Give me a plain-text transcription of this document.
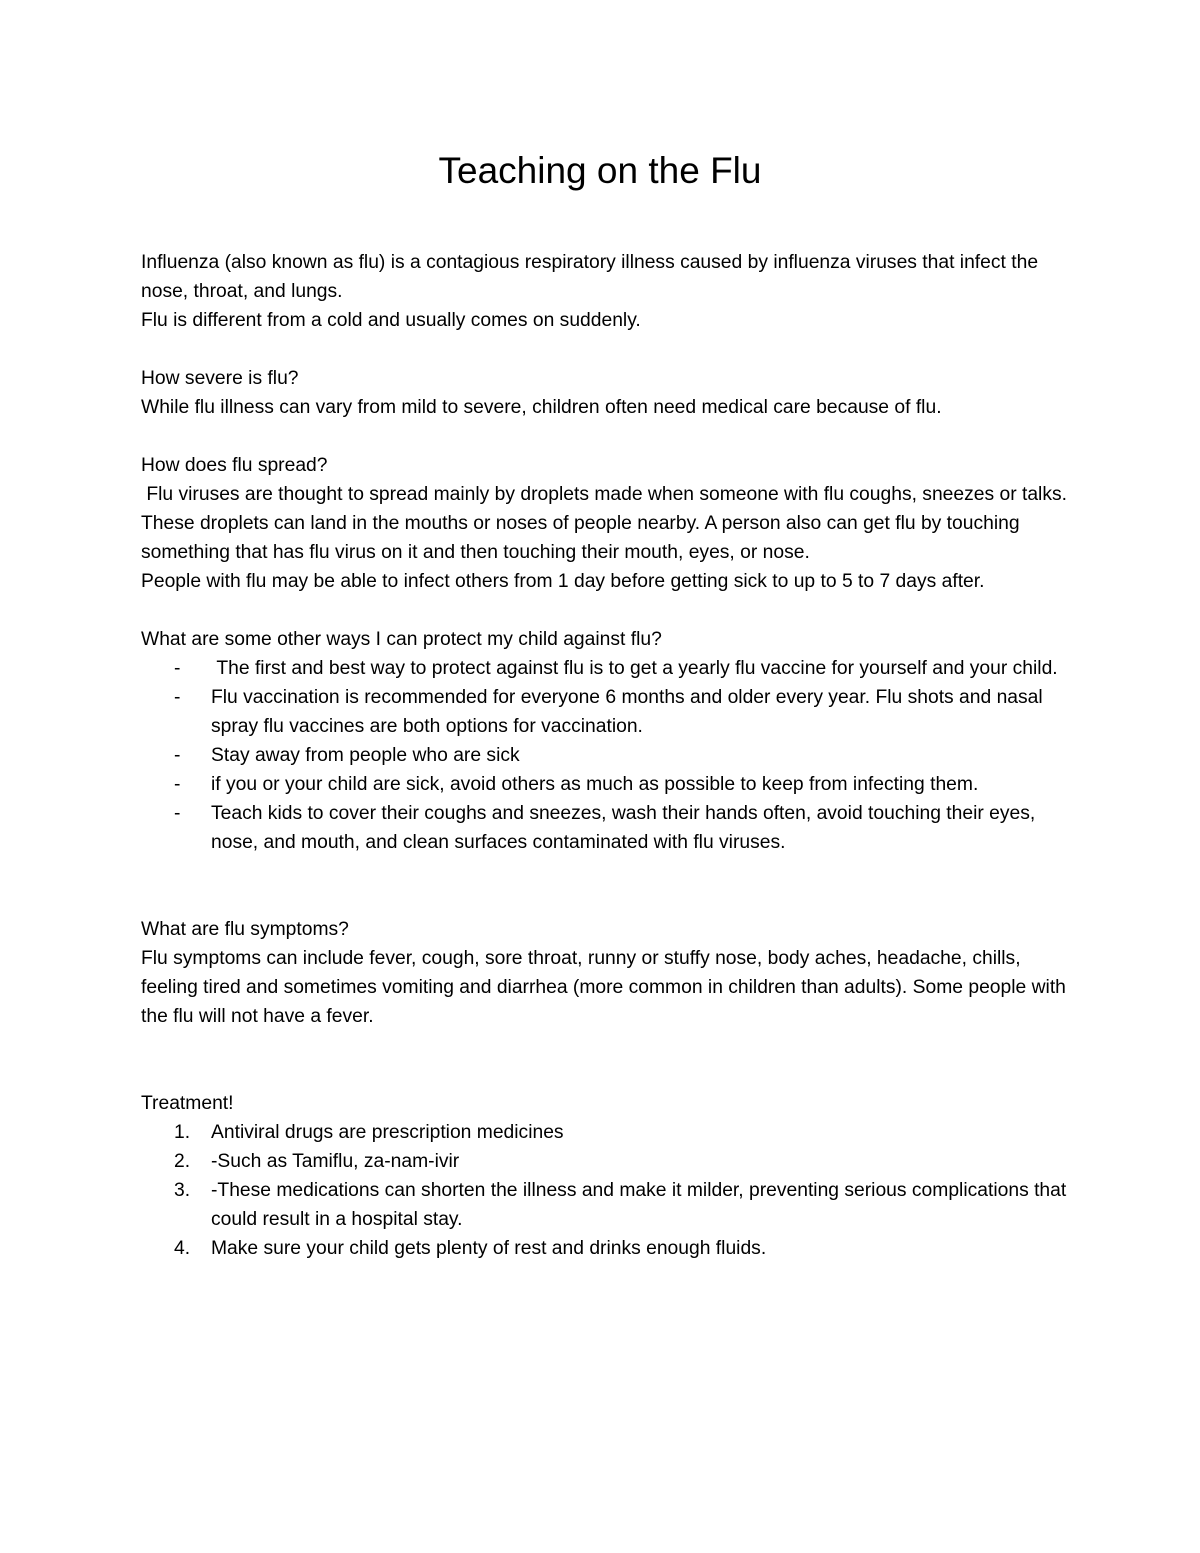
Teaching on the Flu

Influenza (also known as flu) is a contagious respiratory illness caused by influenza viruses that infect the nose, throat, and lungs.

Flu is different from a cold and usually comes on suddenly.

How severe is flu?

While flu illness can vary from mild to severe, children often need medical care because of flu.

How does flu spread?

Flu viruses are thought to spread mainly by droplets made when someone with flu coughs, sneezes or talks.

These droplets can land in the mouths or noses of people nearby. A person also can get flu by touching something that has flu virus on it and then touching their mouth, eyes, or nose.

People with flu may be able to infect others from 1 day before getting sick to up to 5 to 7 days after.

What are some other ways I can protect my child against flu?

- The first and best way to protect against flu is to get a yearly flu vaccine for yourself and your child.
- Flu vaccination is recommended for everyone 6 months and older every year. Flu shots and nasal spray flu vaccines are both options for vaccination.
- Stay away from people who are sick
- if you or your child are sick, avoid others as much as possible to keep from infecting them.
- Teach kids to cover their coughs and sneezes, wash their hands often, avoid touching their eyes, nose, and mouth, and clean surfaces contaminated with flu viruses.

What are flu symptoms?

Flu symptoms can include fever, cough, sore throat, runny or stuffy nose, body aches, headache, chills, feeling tired and sometimes vomiting and diarrhea (more common in children than adults). Some people with the flu will not have a fever.

Treatment!

1. Antiviral drugs are prescription medicines
2. -Such as Tamiflu, za-nam-ivir
3. -These medications can shorten the illness and make it milder, preventing serious complications that could result in a hospital stay.
4. Make sure your child gets plenty of rest and drinks enough fluids.
